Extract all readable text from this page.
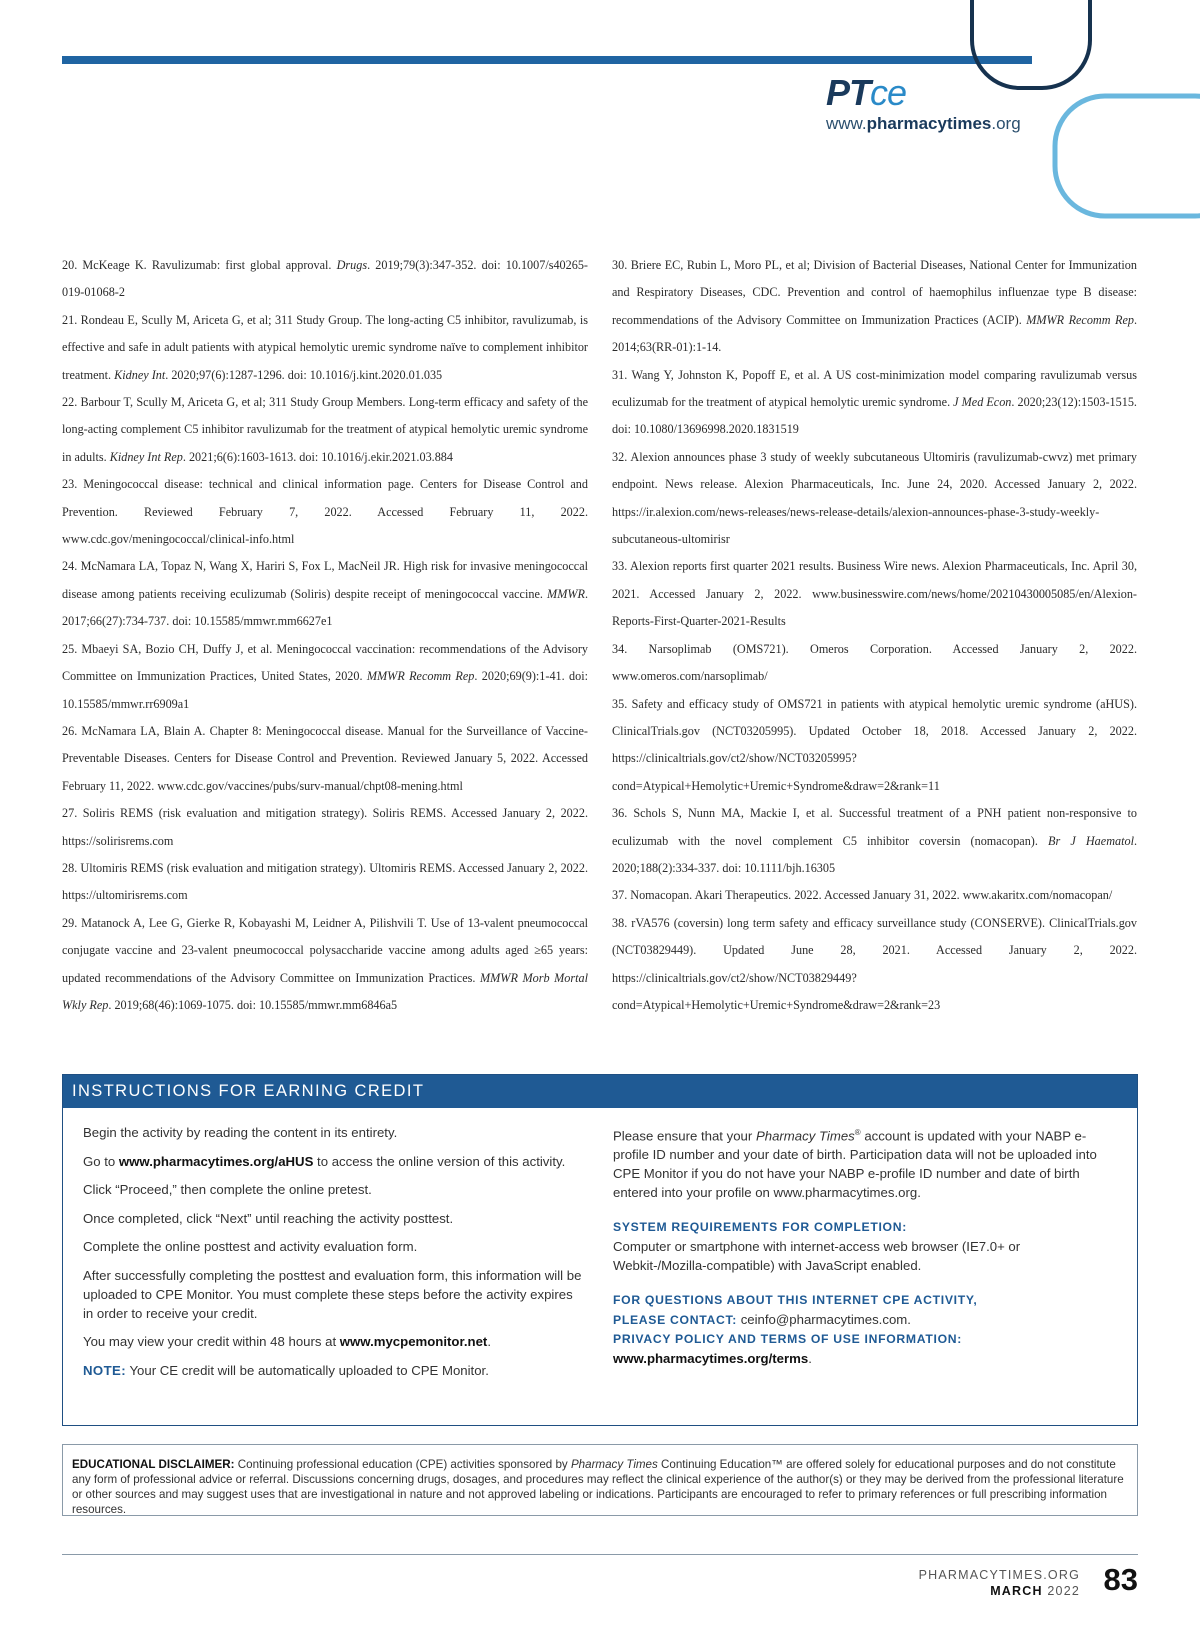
PTce
www.pharmacytimes.org

20. McKeage K. Ravulizumab: first global approval. Drugs. 2019;79(3):347-352. doi: 10.1007/s40265-019-01068-2

21. Rondeau E, Scully M, Ariceta G, et al; 311 Study Group. The long-acting C5 inhibitor, ravulizumab, is effective and safe in adult patients with atypical hemolytic uremic syndrome naïve to complement inhibitor treatment. Kidney Int. 2020;97(6):1287-1296. doi: 10.1016/j.kint.2020.01.035

22. Barbour T, Scully M, Ariceta G, et al; 311 Study Group Members. Long-term efficacy and safety of the long-acting complement C5 inhibitor ravulizumab for the treatment of atypical hemolytic uremic syndrome in adults. Kidney Int Rep. 2021;6(6):1603-1613. doi: 10.1016/j.ekir.2021.03.884

23. Meningococcal disease: technical and clinical information page. Centers for Disease Control and Prevention. Reviewed February 7, 2022. Accessed February 11, 2022. www.cdc.gov/meningococcal/clinical-info.html

24. McNamara LA, Topaz N, Wang X, Hariri S, Fox L, MacNeil JR. High risk for invasive meningococcal disease among patients receiving eculizumab (Soliris) despite receipt of meningococcal vaccine. MMWR. 2017;66(27):734-737. doi: 10.15585/mmwr.mm6627e1

25. Mbaeyi SA, Bozio CH, Duffy J, et al. Meningococcal vaccination: recommendations of the Advisory Committee on Immunization Practices, United States, 2020. MMWR Recomm Rep. 2020;69(9):1-41. doi: 10.15585/mmwr.rr6909a1

26. McNamara LA, Blain A. Chapter 8: Meningococcal disease. Manual for the Surveillance of Vaccine-Preventable Diseases. Centers for Disease Control and Prevention. Reviewed January 5, 2022. Accessed February 11, 2022. www.cdc.gov/vaccines/pubs/surv-manual/chpt08-mening.html

27. Soliris REMS (risk evaluation and mitigation strategy). Soliris REMS. Accessed January 2, 2022. https://solirisrems.com

28. Ultomiris REMS (risk evaluation and mitigation strategy). Ultomiris REMS. Accessed January 2, 2022. https://ultomirisrems.com

29. Matanock A, Lee G, Gierke R, Kobayashi M, Leidner A, Pilishvili T. Use of 13-valent pneumococcal conjugate vaccine and 23-valent pneumococcal polysaccharide vaccine among adults aged ≥65 years: updated recommendations of the Advisory Committee on Immunization Practices. MMWR Morb Mortal Wkly Rep. 2019;68(46):1069-1075. doi: 10.15585/mmwr.mm6846a5

30. Briere EC, Rubin L, Moro PL, et al; Division of Bacterial Diseases, National Center for Immunization and Respiratory Diseases, CDC. Prevention and control of haemophilus influenzae type B disease: recommendations of the Advisory Committee on Immunization Practices (ACIP). MMWR Recomm Rep. 2014;63(RR-01):1-14.

31. Wang Y, Johnston K, Popoff E, et al. A US cost-minimization model comparing ravulizumab versus eculizumab for the treatment of atypical hemolytic uremic syndrome. J Med Econ. 2020;23(12):1503-1515. doi: 10.1080/13696998.2020.1831519

32. Alexion announces phase 3 study of weekly subcutaneous Ultomiris (ravulizumab-cwvz) met primary endpoint. News release. Alexion Pharmaceuticals, Inc. June 24, 2020. Accessed January 2, 2022. https://ir.alexion.com/news-releases/news-release-details/alexion-announces-phase-3-study-weekly-subcutaneous-ultomirisr

33. Alexion reports first quarter 2021 results. Business Wire news. Alexion Pharmaceuticals, Inc. April 30, 2021. Accessed January 2, 2022. www.businesswire.com/news/home/20210430005085/en/Alexion-Reports-First-Quarter-2021-Results

34. Narsoplimab (OMS721). Omeros Corporation. Accessed January 2, 2022. www.omeros.com/narsoplimab/

35. Safety and efficacy study of OMS721 in patients with atypical hemolytic uremic syndrome (aHUS). ClinicalTrials.gov (NCT03205995). Updated October 18, 2018. Accessed January 2, 2022. https://clinicaltrials.gov/ct2/show/NCT03205995?cond=Atypical+Hemolytic+Uremic+Syndrome&draw=2&rank=11

36. Schols S, Nunn MA, Mackie I, et al. Successful treatment of a PNH patient non-responsive to eculizumab with the novel complement C5 inhibitor coversin (nomacopan). Br J Haematol. 2020;188(2):334-337. doi: 10.1111/bjh.16305

37. Nomacopan. Akari Therapeutics. 2022. Accessed January 31, 2022. www.akaritx.com/nomacopan/

38. rVA576 (coversin) long term safety and efficacy surveillance study (CONSERVE). ClinicalTrials.gov (NCT03829449). Updated June 28, 2021. Accessed January 2, 2022. https://clinicaltrials.gov/ct2/show/NCT03829449?cond=Atypical+Hemolytic+Uremic+Syndrome&draw=2&rank=23

INSTRUCTIONS FOR EARNING CREDIT
Begin the activity by reading the content in its entirety.
Go to www.pharmacytimes.org/aHUS to access the online version of this activity.
Click “Proceed,” then complete the online pretest.
Once completed, click “Next” until reaching the activity posttest.
Complete the online posttest and activity evaluation form.
After successfully completing the posttest and evaluation form, this information will be uploaded to CPE Monitor. You must complete these steps before the activity expires in order to receive your credit.
You may view your credit within 48 hours at www.mycpemonitor.net.
NOTE: Your CE credit will be automatically uploaded to CPE Monitor.
Please ensure that your Pharmacy Times® account is updated with your NABP e-profile ID number and your date of birth. Participation data will not be uploaded into CPE Monitor if you do not have your NABP e-profile ID number and date of birth entered into your profile on www.pharmacytimes.org.
SYSTEM REQUIREMENTS FOR COMPLETION:
Computer or smartphone with internet-access web browser (IE7.0+ or Webkit-/Mozilla-compatible) with JavaScript enabled.
FOR QUESTIONS ABOUT THIS INTERNET CPE ACTIVITY,
PLEASE CONTACT: ceinfo@pharmacytimes.com.
PRIVACY POLICY AND TERMS OF USE INFORMATION:
www.pharmacytimes.org/terms.
EDUCATIONAL DISCLAIMER: Continuing professional education (CPE) activities sponsored by Pharmacy Times Continuing Education™ are offered solely for educational purposes and do not constitute any form of professional advice or referral. Discussions concerning drugs, dosages, and procedures may reflect the clinical experience of the author(s) or they may be derived from the professional literature or other sources and may suggest uses that are investigational in nature and not approved labeling or indications. Participants are encouraged to refer to primary references or full prescribing information resources.
PHARMACYTIMES.ORG
MARCH 2022 83
